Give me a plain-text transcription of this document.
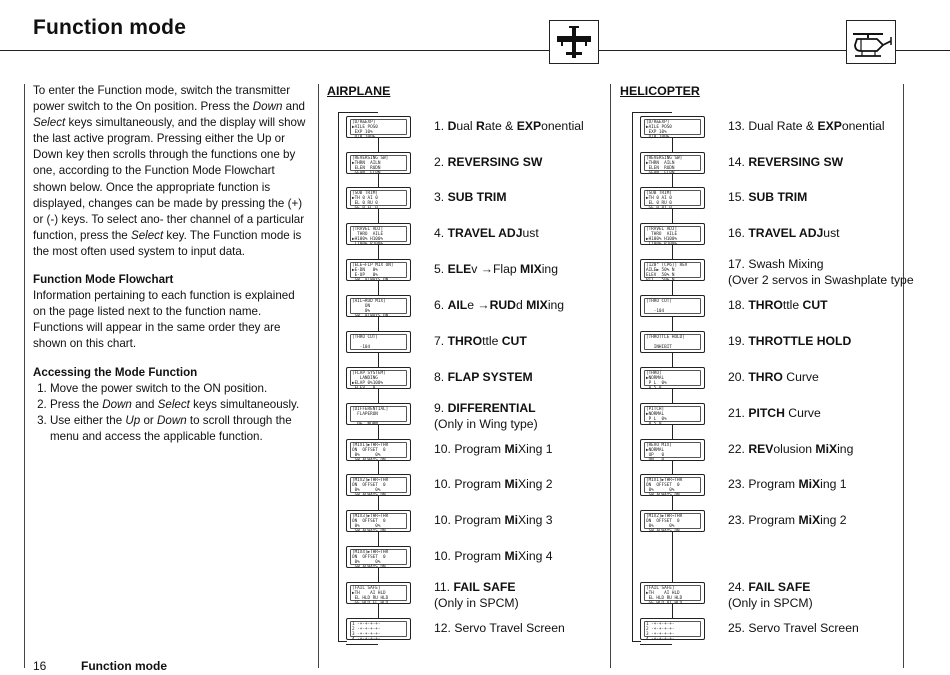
Function mode

To enter the Function mode, switch the transmitter power switch to the On position. Press the Down and Select keys simultaneously, and the display will show the last active program. Pressing either the Up or Down key then scrolls through the functions one by one, according to the Function Mode Flowchart shown below. Once the appropriate function is displayed, changes can be made by pressing the (+) or (-) keys. To select ano- ther channel of a particular function, press the Select key. The Function mode is the most often used system to input data.

Function Mode Flowchart

Information pertaining to each function is explained on the page listed next to the function name. Functions will appear in the same order they are shown on this chart.

Accessing the Mode Function

1. Move the power switch to the ON position.
2. Press the Down and Select keys simultaneously.
3. Use either the Up or Down to scroll through the menu and access the applicable function.
AIRPLANE	HELICOPTER
[D/R&EXP]
▶AILE POS0
EXP 10%
D/R 100%
1. Dual Rate & EXPonential
[REVERSING SW]
▶THRN  AILN
ELEN  RUDN
GEAN  FLPN
2. REVERSING SW
[SUB TRIM]
▶TH 0 AI 0
EL 0 RU 0
GE 0 FL 0
3. SUB TRIM
[TRAVEL ADJ]
THRO  AILE
▶H100% H100%
L100% R100%
4. TRAVEL ADJust
[ELE→FLP MIX ON]
▶E-DN   0%
E-UP   0%
SW  ALWAYS ON
5. ELEv →Flap MIXing
[AIL→RUD MIX]
ON
0%
SW  ALWAYS ON
6. AILe →RUDd MIXing
[THRO CUT]

-104	7. THROttle CUT
[FLAP SYSTEM]
LANDING
▶ELAP 0%100%
ELEV   0
8. FLAP SYSTEM
[DIFFERENTIAL]
FLAPERON

0%  NORM
9. DIFFERENTIAL
(Only in Wing type)
[MIX1]▶THR→THR
ON  OFFSET  0
0%      0%
SW ALWAYS ON
10. Program MiXing 1
[MIX2]▶THR→THR
ON  OFFSET  0
0%      0%
SW ALWAYS ON
10. Program MiXing 2
[MIX3]▶THR→THR
ON  OFFSET  0
0%      0%
SW ALWAYS ON
10. Program MiXing 3
[MIX4]▶THR→THR
ON  OFFSET  0
0%      0%
SW ALWAYS ON
10. Program MiXing 4
[FAIL SAFE]
▶TH    AI HLD
EL HLD RU HLD
GE HLD FL HLD
11. FAIL SAFE
(Only in SPCM)
1 -+-+-+-+-
2 -+-+-+-+-
3 -+-+-+-+-
4 -+-+-+-+-
12. Servo Travel Screen
[D/R&EXP]
▶AILE POS0
EXP 10%
D/R 100%
13. Dual Rate & EXPonential
[REVERSING SW]
▶THRN  AILN
ELEN  RUDN
GEAN  FLPN
14. REVERSING SW
[SUB TRIM]
▶TH 0 AI 0
EL 0 RU 0
GE 0 PI 0
15. SUB TRIM
[TRAVEL ADJ]
THRO  AILE
▶H100% H100%
L100% R100%
16. TRAVEL ADJust
[120° (CP6)] REV
AILE▶ 50% N
ELEV  50% N
PIT   50% N
17. Swash Mixing
(Over 2 servos in Swashplate type
[THRO CUT]

-104	18. THROttle CUT
[THROTTLE HOLD]

INHIBIT	19. THROTTLE HOLD
[THRO]
▶NORMAL
P L  0%
0 5.0
20. THRO Curve
[PITCH]
▶NORMAL
P L  0%
0 5.0
21. PITCH Curve
[REVO MIX]
▶NORMAL
UP   0
DN   0
22. REVolusion MiXing
[MIX1]▶THR→THR
ON  OFFSET  0
0%      0%
SW ALWAYS ON
23. Program MiXing 1
[MIX2]▶THR→THR
ON  OFFSET  0
0%      0%
SW ALWAYS ON
23. Program MiXing 2
[FAIL SAFE]
▶TH    AI HLD
EL HLD RU HLD
GE HLD PI HLD
24. FAIL SAFE
(Only in SPCM)
1 -+-+-+-+-
2 -+-+-+-+-
3 -+-+-+-+-
4 -+-+-+-+-
25. Servo Travel Screen
16	Function mode
